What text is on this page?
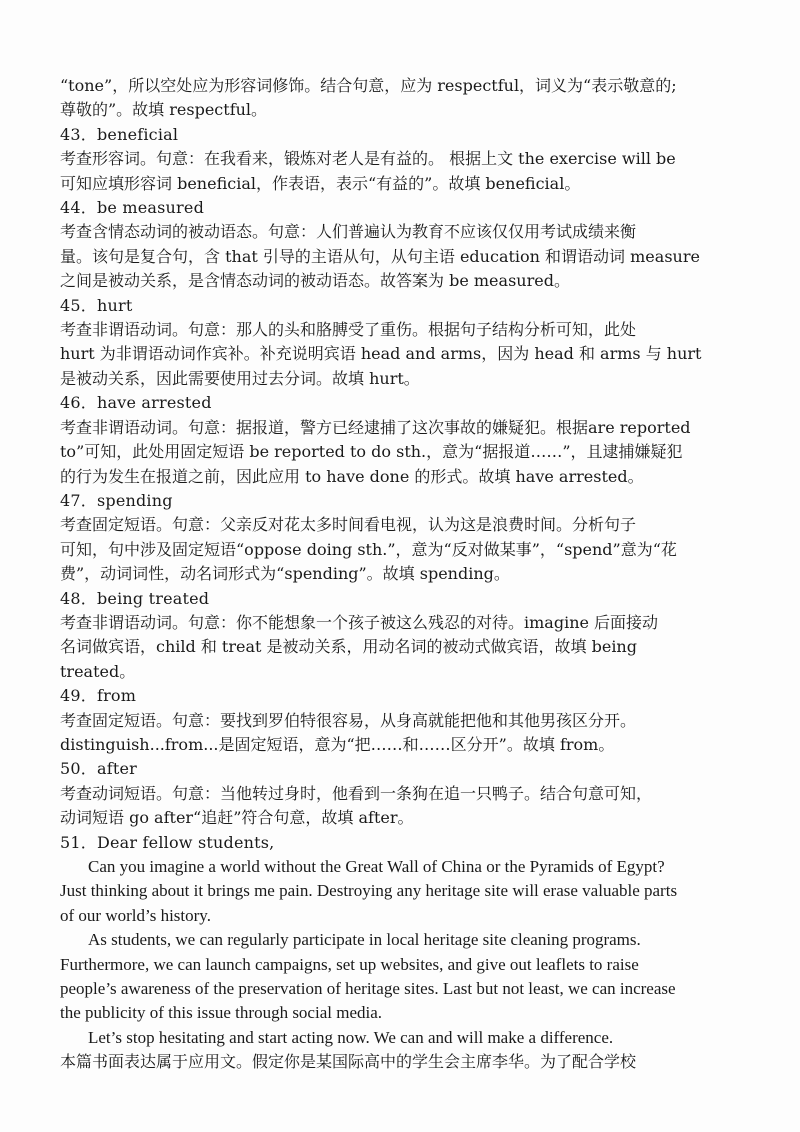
“tone”，所以空处应为形容词修饰。结合句意，应为 respectful，词义为“表示敬意的;

尊敬的”。故填 respectful。

43．beneficial

考查形容词。句意：在我看来，锻炼对老人是有益的。 根据上文 the exercise will be

可知应填形容词 beneficial，作表语，表示“有益的”。故填 beneficial。

44．be measured

考查含情态动词的被动语态。句意：人们普遍认为教育不应该仅仅用考试成绩来衡

量。该句是复合句，含 that 引导的主语从句，从句主语 education 和谓语动词 measure

之间是被动关系，是含情态动词的被动语态。故答案为 be measured。

45．hurt

考查非谓语动词。句意：那人的头和胳膊受了重伤。根据句子结构分析可知，此处

hurt 为非谓语动词作宾补。补充说明宾语 head and arms，因为 head 和 arms 与 hurt

是被动关系，因此需要使用过去分词。故填 hurt。

46．have arrested

考查非谓语动词。句意：据报道，警方已经逮捕了这次事故的嫌疑犯。根据are reported

to”可知，此处用固定短语 be reported to do sth.，意为“据报道……”，且逮捕嫌疑犯

的行为发生在报道之前，因此应用 to have done 的形式。故填 have arrested。

47．spending

考查固定短语。句意：父亲反对花太多时间看电视，认为这是浪费时间。分析句子

可知，句中涉及固定短语“oppose doing sth.”，意为“反对做某事”，“spend”意为“花

费”，动词词性，动名词形式为“spending”。故填 spending。

48．being treated

考查非谓语动词。句意：你不能想象一个孩子被这么残忍的对待。imagine 后面接动

名词做宾语，child 和 treat 是被动关系，用动名词的被动式做宾语，故填 being

treated。

49．from

考查固定短语。句意：要找到罗伯特很容易，从身高就能把他和其他男孩区分开。

distinguish...from...是固定短语，意为“把……和……区分开”。故填 from。

50．after

考查动词短语。句意：当他转过身时，他看到一条狗在追一只鸭子。结合句意可知，

动词短语 go after“追赶”符合句意，故填 after。

51．Dear fellow students,

Can you imagine a world without the Great Wall of China or the Pyramids of Egypt?

Just thinking about it brings me pain. Destroying any heritage site will erase valuable parts

of our world’s history.

As students, we can regularly participate in local heritage site cleaning programs.

Furthermore, we can launch campaigns, set up websites, and give out leaflets to raise

people’s awareness of the preservation of heritage sites. Last but not least, we can increase

the publicity of this issue through social media.

Let’s stop hesitating and start acting now. We can and will make a difference.

本篇书面表达属于应用文。假定你是某国际高中的学生会主席李华。为了配合学校
